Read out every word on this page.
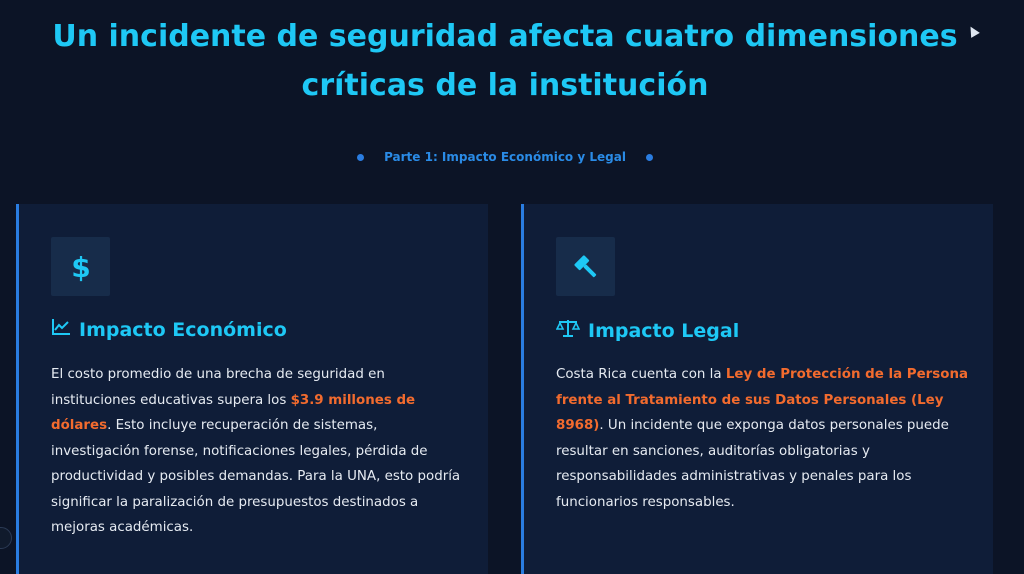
Un incidente de seguridad afecta cuatro dimensiones críticas de la institución
Parte 1: Impacto Económico y Legal
$
Impacto Económico
El costo promedio de una brecha de seguridad en instituciones educativas supera los $3.9 millones de dólares. Esto incluye recuperación de sistemas, investigación forense, notificaciones legales, pérdida de productividad y posibles demandas. Para la UNA, esto podría significar la paralización de presupuestos destinados a mejoras académicas.
Impacto Legal
Costa Rica cuenta con la Ley de Protección de la Persona frente al Tratamiento de sus Datos Personales (Ley 8968). Un incidente que exponga datos personales puede resultar en sanciones, auditorías obligatorias y responsabilidades administrativas y penales para los funcionarios responsables.
